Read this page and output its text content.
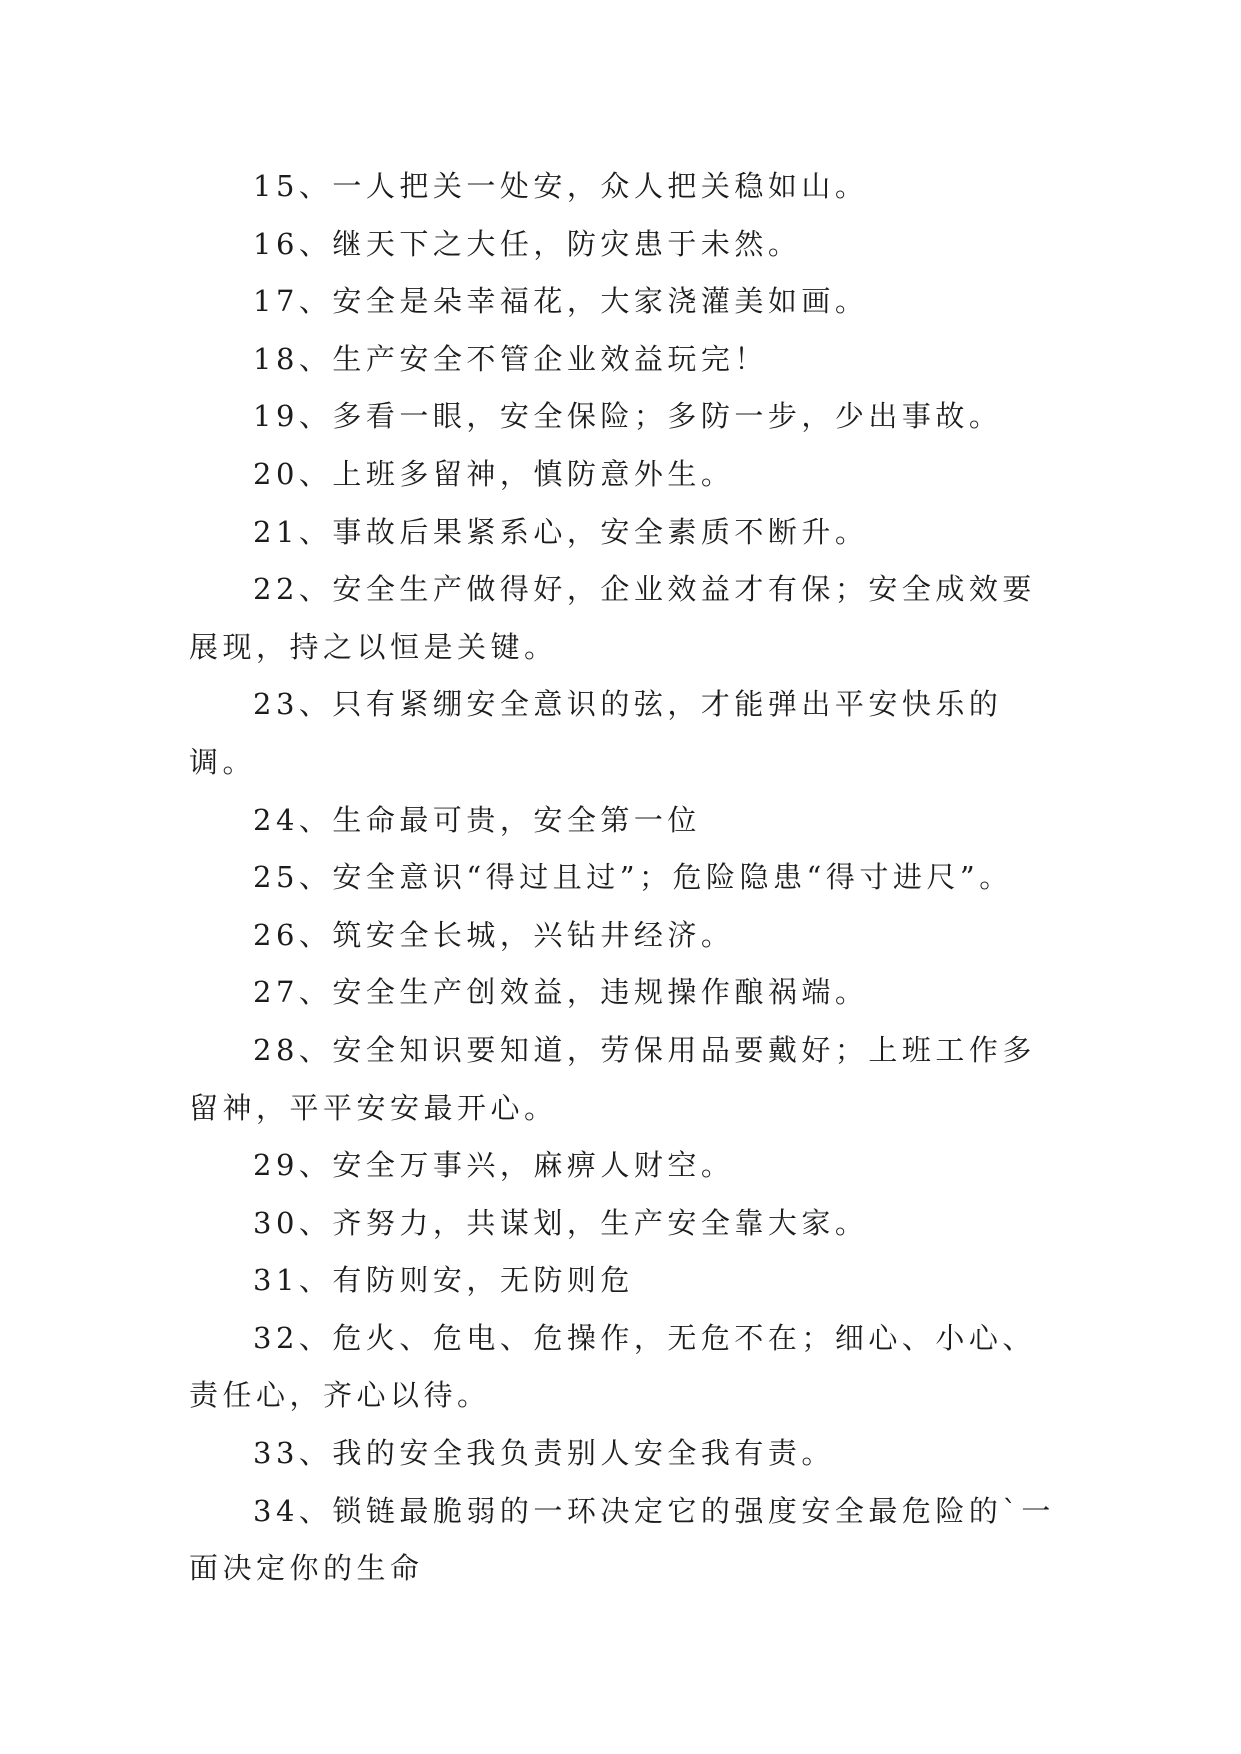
15、一人把关一处安，众人把关稳如山。

16、继天下之大任，防灾患于未然。

17、安全是朵幸福花，大家浇灌美如画。

18、生产安全不管企业效益玩完！

19、多看一眼，安全保险；多防一步，少出事故。

20、上班多留神，慎防意外生。

21、事故后果紧系心，安全素质不断升。

22、安全生产做得好，企业效益才有保；安全成效要展现，持之以恒是关键。

23、只有紧绷安全意识的弦，才能弹出平安快乐的调。

24、生命最可贵，安全第一位

25、安全意识“得过且过”；危险隐患“得寸进尺”。

26、筑安全长城，兴钻井经济。

27、安全生产创效益，违规操作酿祸端。

28、安全知识要知道，劳保用品要戴好；上班工作多留神，平平安安最开心。

29、安全万事兴，麻痹人财空。

30、齐努力，共谋划，生产安全靠大家。

31、有防则安，无防则危

32、危火、危电、危操作，无危不在；细心、小心、责任心，齐心以待。

33、我的安全我负责别人安全我有责。

34、锁链最脆弱的一环决定它的强度安全最危险的`一面决定你的生命
